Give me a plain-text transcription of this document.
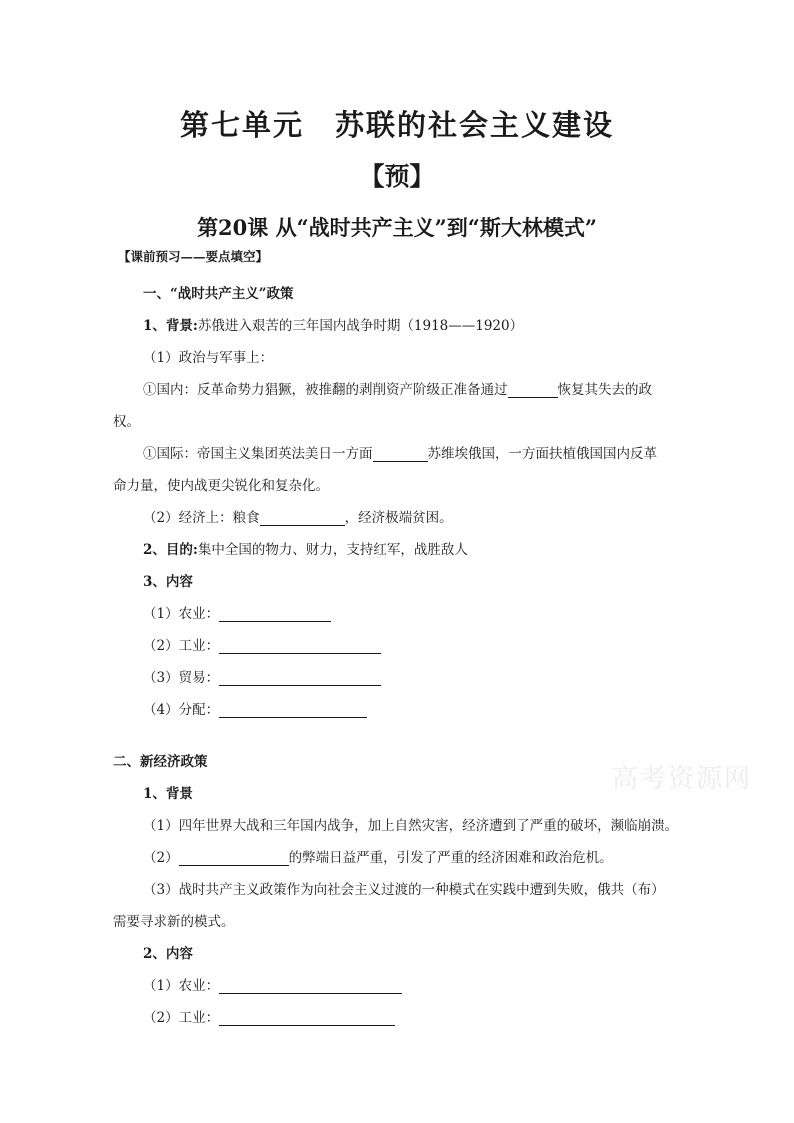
第七单元　苏联的社会主义建设
【预】
第20课 从“战时共产主义”到“斯大林模式”
【课前预习——要点填空】
一、“战时共产主义”政策
1、背景:苏俄进入艰苦的三年国内战争时期（1918——1920）
（1）政治与军事上：
①国内：反革命势力猖獗，被推翻的剥削资产阶级正准备通过	恢复其失去的政
权。
①国际：帝国主义集团英法美日一方面	苏维埃俄国，一方面扶植俄国国内反革
命力量，使内战更尖锐化和复杂化。
（2）经济上：粮食	，经济极端贫困。
2、目的:集中全国的物力、财力，支持红军，战胜敌人
3、内容
（1）农业：
（2）工业：
（3）贸易：
（4）分配：
二、新经济政策
高考资源网
1、背景
（1）四年世界大战和三年国内战争，加上自然灾害，经济遭到了严重的破坏，濒临崩溃。
（2）	的弊端日益严重，引发了严重的经济困难和政治危机。
（3）战时共产主义政策作为向社会主义过渡的一种模式在实践中遭到失败，俄共（布）
需要寻求新的模式。
2、内容
（1）农业：
（2）工业：
